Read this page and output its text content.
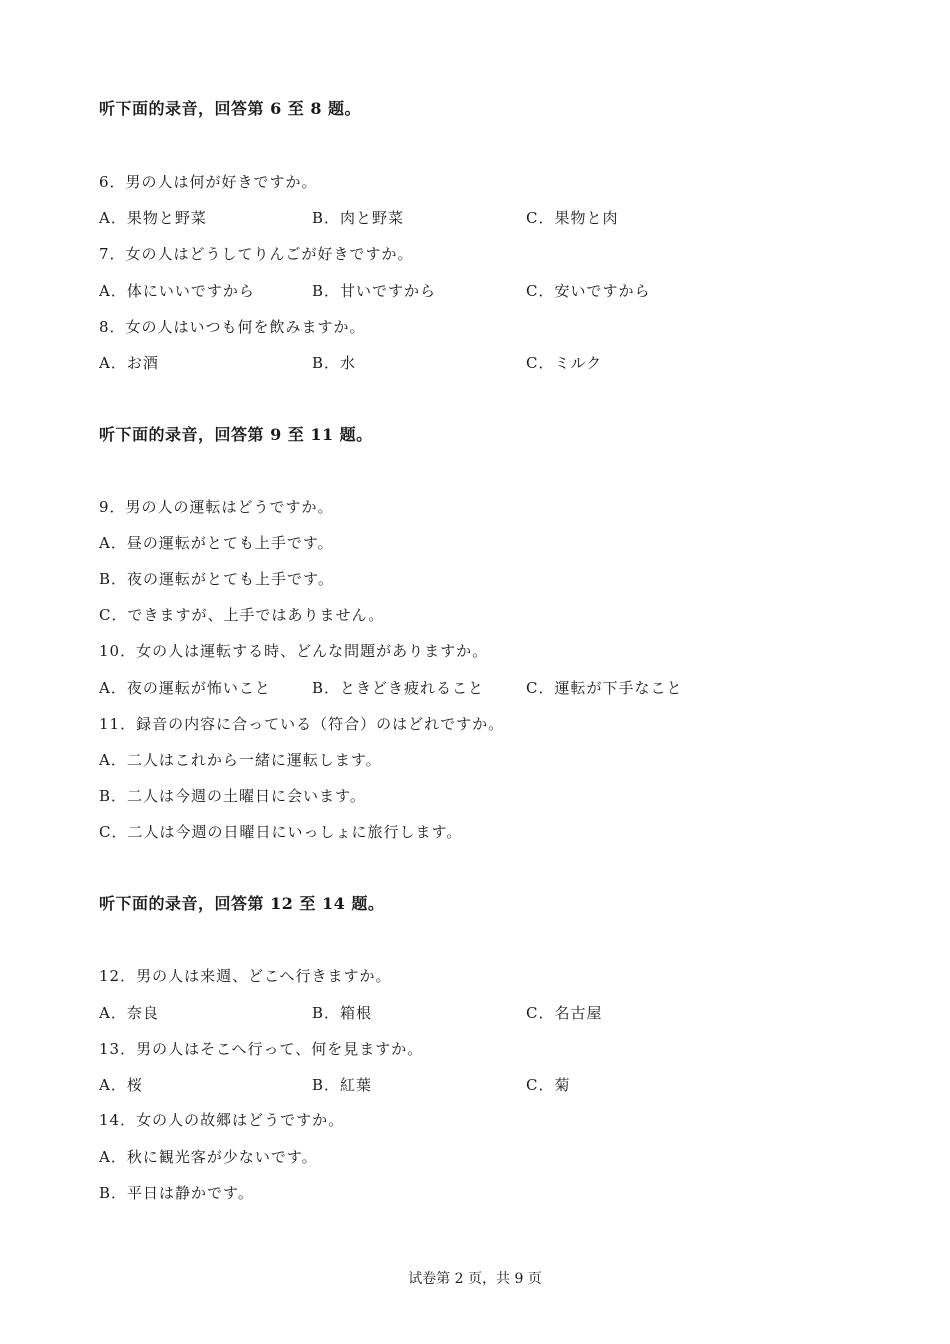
听下面的录音，回答第 6 至 8 题。
6．男の人は何が好きですか。
A．果物と野菜	B．肉と野菜	C．果物と肉
7．女の人はどうしてりんごが好きですか。
A．体にいいですから	B．甘いですから	C．安いですから
8．女の人はいつも何を飲みますか。
A．お酒	B．水	C．ミルク
听下面的录音，回答第 9 至 11 题。
9．男の人の運転はどうですか。
A．昼の運転がとても上手です。
B．夜の運転がとても上手です。
C．できますが、上手ではありません。
10．女の人は運転する時、どんな問題がありますか。
A．夜の運転が怖いこと	B．ときどき疲れること	C．運転が下手なこと
11．録音の内容に合っている（符合）のはどれですか。
A．二人はこれから一緒に運転します。
B．二人は今週の土曜日に会います。
C．二人は今週の日曜日にいっしょに旅行します。
听下面的录音，回答第 12 至 14 题。
12．男の人は来週、どこへ行きますか。
A．奈良	B．箱根	C．名古屋
13．男の人はそこへ行って、何を見ますか。
A．桜	B．紅葉	C．菊
14．女の人の故郷はどうですか。
A．秋に観光客が少ないです。
B．平日は静かです。
试卷第 2 页，共 9 页
